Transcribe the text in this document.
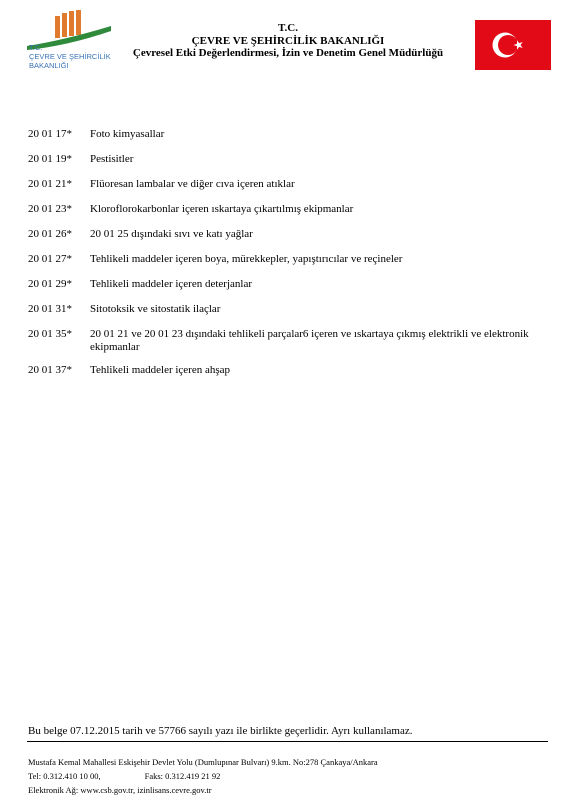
T.C.
ÇEVRE VE ŞEHİRCİLİK
BAKANLIĞI
T.C.
ÇEVRE VE ŞEHİRCİLİK BAKANLIĞI
Çevresel Etki Değerlendirmesi, İzin ve Denetim Genel Müdürlüğü
20 01 17*	Foto kimyasallar
20 01 19*	Pestisitler
20 01 21*	Flüoresan lambalar ve diğer cıva içeren atıklar
20 01 23*	Kloroflorokarbonlar içeren ıskartaya çıkartılmış ekipmanlar
20 01 26*	20 01 25 dışındaki sıvı ve katı yağlar
20 01 27*	Tehlikeli maddeler içeren boya, mürekkepler, yapıştırıcılar ve reçineler
20 01 29*	Tehlikeli maddeler içeren deterjanlar
20 01 31*	Sitotoksik ve sitostatik ilaçlar
20 01 35*	20 01 21 ve 20 01 23 dışındaki tehlikeli parçalar6 içeren ve ıskartaya çıkmış elektrikli ve elektronik ekipmanlar
20 01 37*	Tehlikeli maddeler içeren ahşap
Bu belge 07.12.2015 tarih ve 57766 sayılı yazı ile birlikte geçerlidir. Ayrı kullanılamaz.
Mustafa Kemal Mahallesi Eskişehir Devlet Yolu (Dumlupınar Bulvarı) 9.km. No:278 Çankaya/Ankara
Tel: 0.312.410 10 00,	Faks: 0.312.419 21 92
Elektronik Ağ: www.csb.gov.tr, izinlisans.cevre.gov.tr
